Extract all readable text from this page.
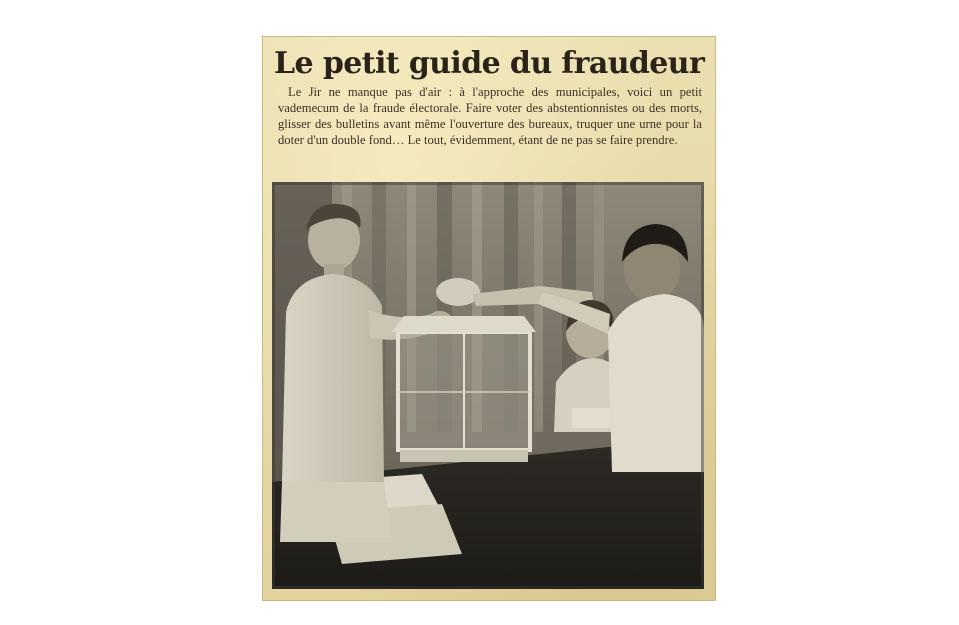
Le petit guide du fraudeur

Le Jir ne manque pas d'air : à l'approche des municipales, voici un petit vademecum de la fraude électorale. Faire voter des abstentionnistes ou des morts, glisser des bulletins avant même l'ouverture des bureaux, truquer une urne pour la doter d'un double fond… Le tout, évidemment, étant de ne pas se faire prendre.
